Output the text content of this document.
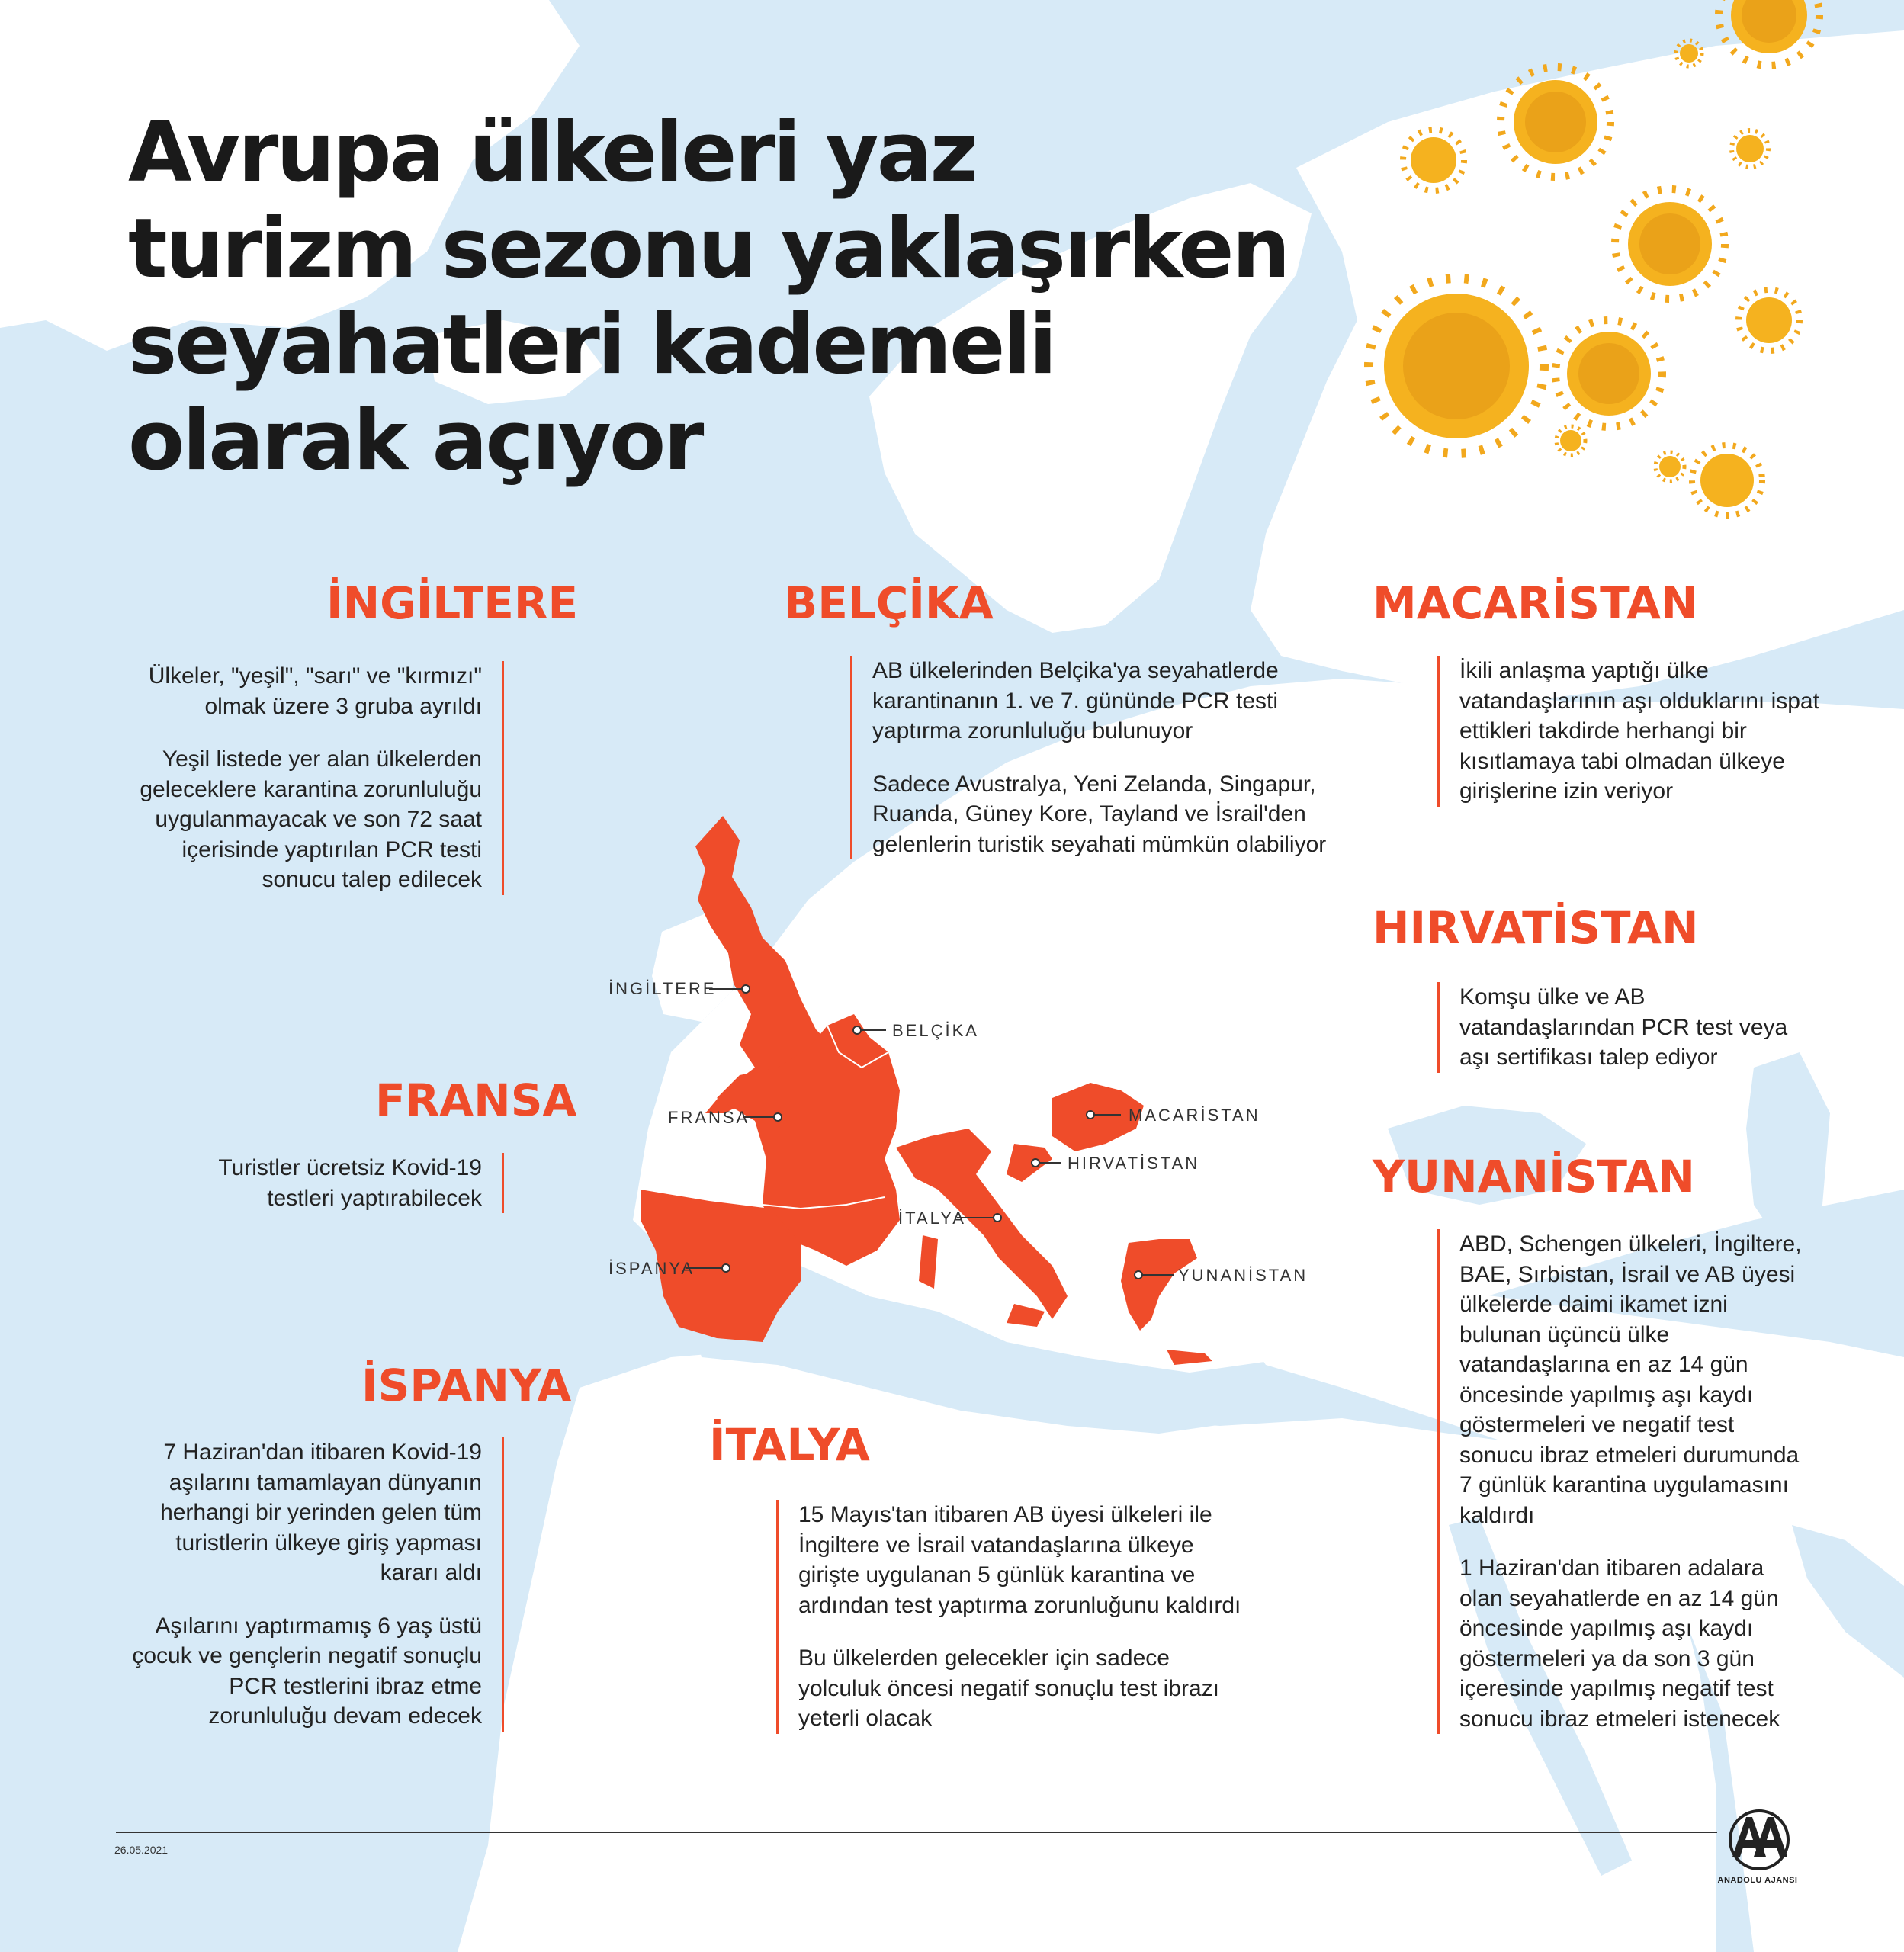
Avrupa ülkeleri yaz
turizm sezonu yaklaşırken
seyahatleri kademeli
olarak açıyor
İNGİLTERE

Ülkeler, "yeşil", "sarı" ve "kırmızı" olmak üzere 3 gruba ayrıldı

Yeşil listede yer alan ülkelerden geleceklere karantina zorunluluğu uygulanmayacak ve son 72 saat içerisinde yaptırılan PCR testi sonucu talep edilecek

BELÇİKA

AB ülkelerinden Belçika'ya seyahatlerde karantinanın 1. ve 7. gününde PCR testi yaptırma zorunluluğu bulunuyor

Sadece Avustralya, Yeni Zelanda, Singapur, Ruanda, Güney Kore, Tayland ve İsrail'den gelenlerin turistik seyahati mümkün olabiliyor

MACARİSTAN

İkili anlaşma yaptığı ülke vatandaşlarının aşı olduklarını ispat ettikleri takdirde herhangi bir kısıtlamaya tabi olmadan ülkeye girişlerine izin veriyor

HIRVATİSTAN

Komşu ülke ve AB vatandaşlarından PCR test veya aşı sertifikası talep ediyor

FRANSA

Turistler ücretsiz Kovid-19 testleri yaptırabilecek	YUNANİSTAN

ABD, Schengen ülkeleri, İngiltere, BAE, Sırbistan, İsrail ve AB üyesi ülkelerde daimi ikamet izni bulunan üçüncü ülke vatandaşlarına en az 14 gün öncesinde yapılmış aşı kaydı göstermeleri ve negatif test sonucu ibraz etmeleri durumunda 7 günlük karantina uygulamasını kaldırdı

1 Haziran'dan itibaren adalara olan seyahatlerde en az 14 gün öncesinde yapılmış aşı kaydı göstermeleri ya da son 3 gün içeresinde yapılmış negatif test sonucu ibraz etmeleri istenecek

İSPANYA

7 Haziran'dan itibaren Kovid-19 aşılarını tamamlayan dünyanın herhangi bir yerinden gelen tüm turistlerin ülkeye giriş yapması kararı aldı

Aşılarını yaptırmamış 6 yaş üstü çocuk ve gençlerin negatif sonuçlu PCR testlerini ibraz etme zorunluluğu devam edecek

İTALYA

15 Mayıs'tan itibaren AB üyesi ülkeleri ile İngiltere ve İsrail vatandaşlarına ülkeye girişte uygulanan 5 günlük karantina ve ardından test yaptırma zorunluğunu kaldırdı

Bu ülkelerden gelecekler için sadece yolculuk öncesi negatif sonuçlu test ibrazı yeterli olacak

İNGİLTERE
BELÇİKA
FRANSA	MACARİSTAN
HIRVATİSTAN
İTALYA
İSPANYA	YUNANİSTAN
26.05.2021
ANADOLU AJANSI
